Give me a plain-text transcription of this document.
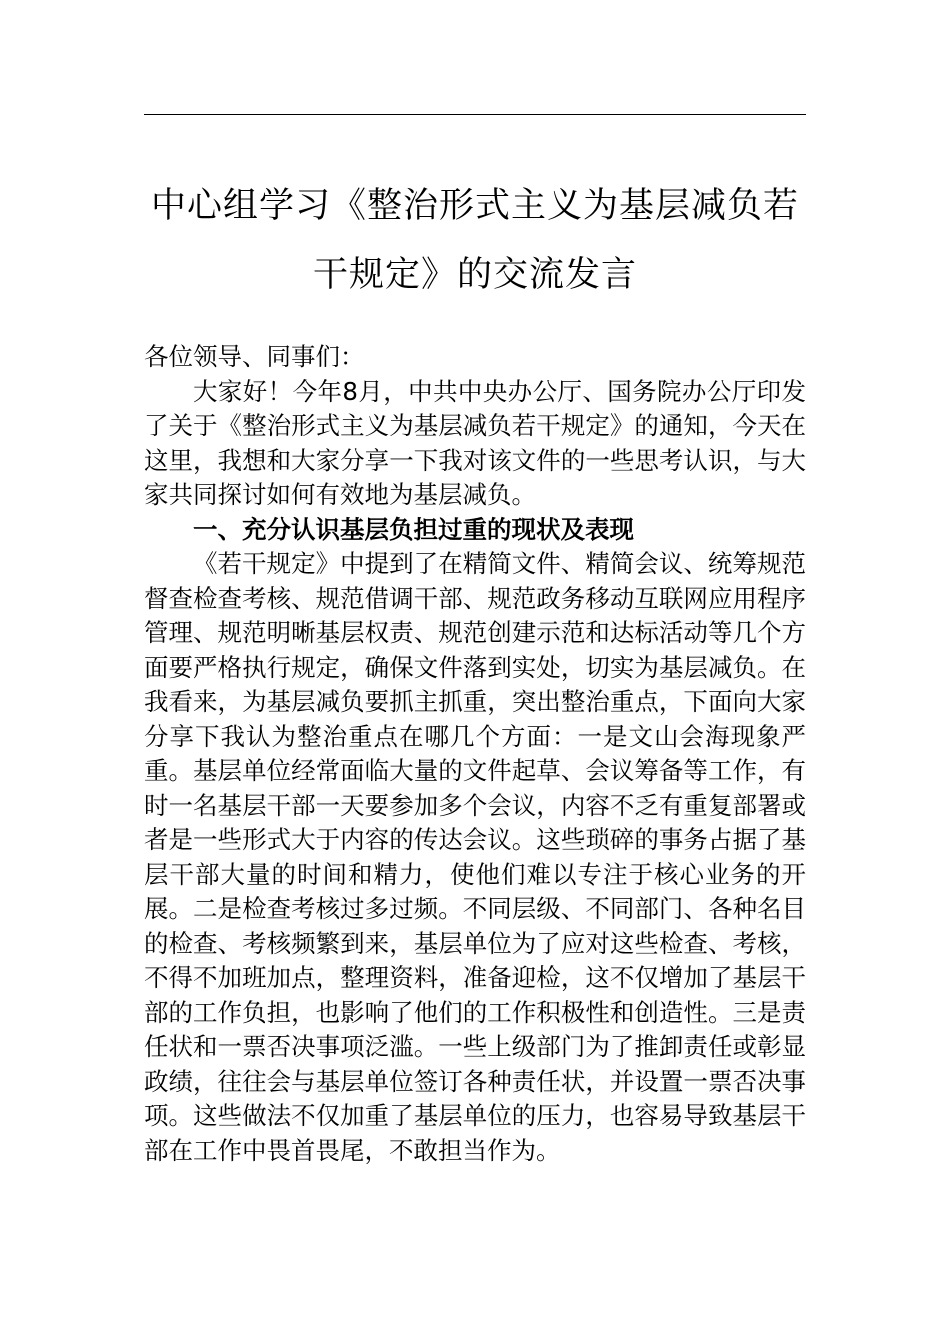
中心组学习《整治形式主义为基层减负若
干规定》的交流发言

各位领导、同事们：

大家好！今年8月，中共中央办公厅、国务院办公厅印发了关于《整治形式主义为基层减负若干规定》的通知，今天在这里，我想和大家分享一下我对该文件的一些思考认识，与大家共同探讨如何有效地为基层减负。

一、充分认识基层负担过重的现状及表现

《若干规定》中提到了在精简文件、精简会议、统筹规范督查检查考核、规范借调干部、规范政务移动互联网应用程序管理、规范明晰基层权责、规范创建示范和达标活动等几个方面要严格执行规定，确保文件落到实处，切实为基层减负。在我看来，为基层减负要抓主抓重，突出整治重点，下面向大家分享下我认为整治重点在哪几个方面：一是文山会海现象严重。基层单位经常面临大量的文件起草、会议筹备等工作，有时一名基层干部一天要参加多个会议，内容不乏有重复部署或者是一些形式大于内容的传达会议。这些琐碎的事务占据了基层干部大量的时间和精力，使他们难以专注于核心业务的开展。二是检查考核过多过频。不同层级、不同部门、各种名目的检查、考核频繁到来，基层单位为了应对这些检查、考核，不得不加班加点，整理资料，准备迎检，这不仅增加了基层干部的工作负担，也影响了他们的工作积极性和创造性。三是责任状和一票否决事项泛滥。一些上级部门为了推卸责任或彰显政绩，往往会与基层单位签订各种责任状，并设置一票否决事项。这些做法不仅加重了基层单位的压力，也容易导致基层干部在工作中畏首畏尾，不敢担当作为。
